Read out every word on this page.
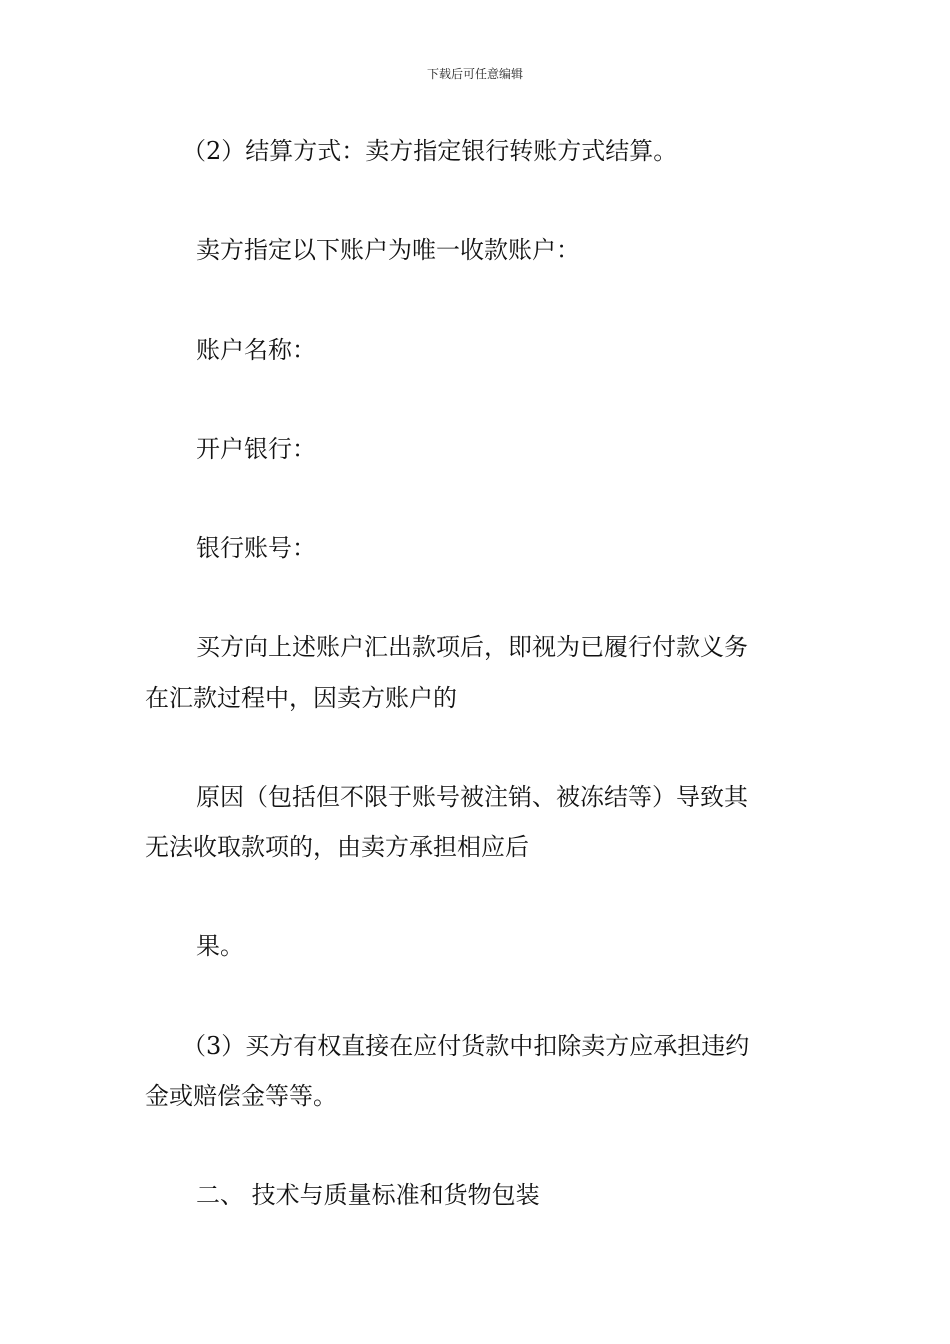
下载后可任意编辑
（2）结算方式：卖方指定银行转账方式结算。
卖方指定以下账户为唯一收款账户：
账户名称：
开户银行：
银行账号：
买方向上述账户汇出款项后，即视为已履行付款义务
在汇款过程中，因卖方账户的
原因（包括但不限于账号被注销、被冻结等）导致其
无法收取款项的，由卖方承担相应后
果。
（3）买方有权直接在应付货款中扣除卖方应承担违约
金或赔偿金等等。
二、 技术与质量标准和货物包装
